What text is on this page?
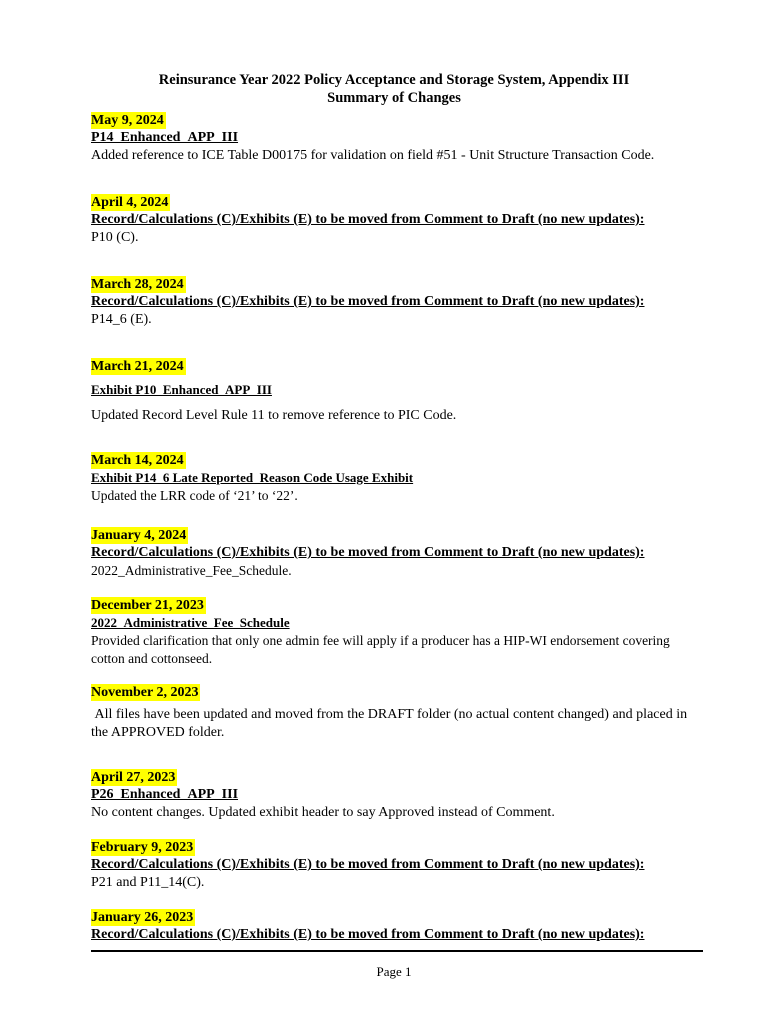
Reinsurance Year 2022 Policy Acceptance and Storage System, Appendix III
Summary of Changes
May 9, 2024
P14_Enhanced_APP_III
Added reference to ICE Table D00175 for validation on field #51 - Unit Structure Transaction Code.
April 4, 2024
Record/Calculations (C)/Exhibits (E) to be moved from Comment to Draft (no new updates):
P10 (C).
March 28, 2024
Record/Calculations (C)/Exhibits (E) to be moved from Comment to Draft (no new updates):
P14_6 (E).
March 21, 2024
Exhibit P10_Enhanced_APP_III
Updated Record Level Rule 11 to remove reference to PIC Code.
March 14, 2024
Exhibit P14_6 Late Reported_Reason Code Usage Exhibit
Updated the LRR code of ‘21’ to ‘22’.
January 4, 2024
Record/Calculations (C)/Exhibits (E) to be moved from Comment to Draft (no new updates):
2022_Administrative_Fee_Schedule.
December 21, 2023
2022_Administrative_Fee_Schedule
Provided clarification that only one admin fee will apply if a producer has a HIP-WI endorsement covering cotton and cottonseed.
November 2, 2023
All files have been updated and moved from the DRAFT folder (no actual content changed) and placed in the APPROVED folder.
April 27, 2023
P26_Enhanced_APP_III
No content changes. Updated exhibit header to say Approved instead of Comment.
February 9, 2023
Record/Calculations (C)/Exhibits (E) to be moved from Comment to Draft (no new updates):
P21 and P11_14(C).
January 26, 2023
Record/Calculations (C)/Exhibits (E) to be moved from Comment to Draft (no new updates):
Page 1
